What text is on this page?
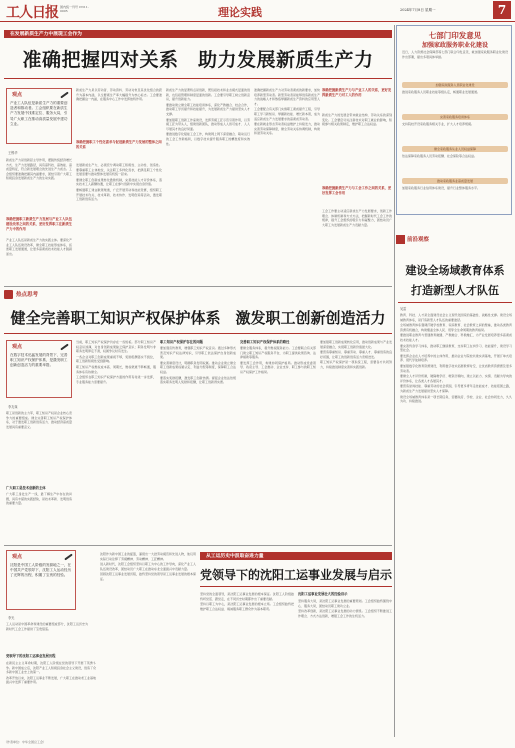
工人日报 国内统一刊号 CN11-0005	理论实践	2024年7月8日 星期一	7
在发展新质生产力中展现工会作为
准确把握四对关系　助力发展新质生产力
观点
产业工人队伍是新质生产力的重要创造者和推动者。工会组织要在新质生产力发展中找准定位、服务大局，引导广大职工在推动高质量发展中建功立业。
王锡华

新质生产力是创新起主导作用，摆脱传统经济增长方式、生产力发展路径，具有高科技、高效能、高质量特征，符合新发展理念的先进生产力质态。工会组织要准确把握其内涵要求，团结引领广大职工积极投身发展新质生产力的生动实践。

准确把握职工新质生产力发展与产业工人队伍建设改革之间的关系，更好发挥职工在新质生产力中的作用

产业工人队伍是新质生产力的实践主体。要深化产业工人队伍建设改革，健全职工技能形成体系，拓宽职工发展通道，让更多高素质技术技能人才脱颖而出。

新质生产力是以劳动者、劳动资料、劳动对象及其优化组合的跃升为基本内涵，以全要素生产率大幅提升为核心标志。工会要准确把握这一内涵，在服务中心工作中发挥独特作用。

准确把握职工个性化需求与促进新质生产力发展的整体之间的关系

发展新质生产力，必须充分调动职工积极性、主动性、创造性。要尊重职工主体地位，关注职工多样化需求，把满足职工个性化发展需要与推动整体发展有机统一起来。

要健全职工创新成果转化激励机制，完善技能人才评价体系，落实技术工人薪酬待遇，让职工在参与创新中实现自身价值。

要畅通职工建言献策渠道，广泛开展劳动和技能竞赛，组织职工开展技术攻关、技术革新、技术协作、发明创造等活动，激发职工创新创造活力。

新质生产力的显著特点是创新，既包括技术和业态模式层面的创新，也包括管理和制度层面的创新。工会要引导职工树立创新意识，提升创新能力。

要推动建立健全职工技能培训体系，深化产教融合、校企合作，推动职工学历提升和技能提升，为发展新质生产力提供坚实人才支撑。

要加强职工创新工作室建设，发挥劳模工匠示范引领作用，以劳模工匠为带头人，组建创新团队，推动形成人人皆可成才、人人尽展其才的良好局面。

要推进数字化赋能工会工作，构建网上网下深度融合、联动运行的工会工作新格局，以数字技术提升服务职工的精准度和实效性。

准确把握新质生产力对劳动者素质的新要求，加快培养新型劳动者。新型劳动者是能够创造新质生产力的战略人才和熟练掌握新质生产资料的应用型人才。

工会要配合有关部门实施职工素质提升工程，引导职工学习新知识、掌握新技能、增长新本领，成为适应新质生产力发展要求的高素质劳动者。

要在新就业形态劳动者权益维护上持续发力，推动完善劳动保障制度，健全劳动关系协调机制，构建和谐劳动关系。

准确把握新质生产力与产业工人的关系，更好发挥新质生产力对工人的作用

新质生产力的发展会带来就业结构、劳动关系的深刻变化。工会要密切关注新技术对职工就业的影响，积极参与相关政策制定，维护职工合法权益。

准确把握新质生产力与工会工作之间的关系，更好发挥工会作用

工会工作要主动适应新质生产力发展要求，创新工作理念、体制机制和方式方法，把握新时代工会工作的规律，提升工会组织的吸引力和凝聚力，团结动员广大职工为发展新质生产力贡献力量。

热点思考
健全完善职工知识产权保护体系　激发职工创新创造活力
观点
在数字技术迅猛发展的背景下，完善职工知识产权保护体系，是激发职工创新创造活力的重要举措。
李友谋

职工是创新的主力军，职工知识产权是企业核心竞争力的重要组成。健全完善职工知识产权保护体系，对于激发职工创新创造活力、推动经济高质量发展具有重要意义。

广大职工是技术创新的主体

广大职工身处生产一线，最了解生产中存在的问题，具有丰富的实践经验，是技术革新、发明创造的重要力量。

当前，职工知识产权保护仍存在一些短板。部分职工知识产权意识淡薄，对自身创新成果缺乏保护意识；职务发明与非职务发明界定不清，权属争议时有发生。

一些企业对职工创新成果重视不够，奖励报酬落实不到位，职工创新积极性受到影响。

职工知识产权维权成本高、周期长，维权渠道不够畅通，服务体系有待健全。

工会组织在职工知识产权保护方面的作用有待进一步发挥，专业服务能力需要提升。

职工知识产权保护存在的问题

要加强宣传教育，增强职工知识产权意识。通过多种形式普及知识产权法律知识，引导职工依法保护自身创新成果。

要完善制度设计，明确职务发明权属。推动企业建立健全职工创新成果权属认定、利益分配等制度，保障职工合法权益。

要落实奖励报酬，激发职工创新热情。督促企业依法依规落实职务发明人奖励和报酬，让职工创新得实惠。

完善职工知识产权保护体系的路径

要健全服务体系，提升维权服务能力。工会要联合有关部门建立职工知识产权服务平台，为职工提供政策咨询、法律援助等服务。

要发挥工会作用，构建协同保护格局。推动形成党委领导、政府主导、工会推动、企业支持、职工参与的职工知识产权保护工作格局。

要加强职工创新成果转化应用，推动创新成果与产业发展深度融合，实现职工创新价值最大化。

要营造尊重知识、尊重劳动、尊重人才、尊重创造的良好氛围，让职工的创新创造活力竞相迸发。

职工知识产权保护是一项系统工程，需要各方共同努力，持续推进制度完善和实践创新。

观点
沈阳是中国工人阶级的发源地之一，在中国共产党领导下，沈阳工人运动经历了光辉的历程，积累了宝贵的经验。
李光

工人运动是中国革命和建设的重要组成部分，沈阳工运历史为新时代工会工作提供了宝贵借鉴。

党领导下的沈阳工运事业发展历程

在新民主主义革命时期，沈阳工人阶级在党的领导下开展了英勇斗争。新中国成立后，沈阳产业工人积极投身社会主义建设，创造了众多新中国工业史上的第一。

改革开放以来，沈阳工运事业不断发展，广大职工在推动老工业基地振兴中发挥了重要作用。

沈阳作为新中国工业的摇篮，涌现出一大批劳动模范和先进人物，他们用实际行动诠释了劳模精神、劳动精神、工匠精神。

进入新时代，沈阳工会组织坚持以职工为中心的工作导向，深化产业工人队伍建设改革，团结动员广大职工在推动东北全面振兴中贡献力量。

回顾沈阳工运事业发展历程，始终坚持党的领导是工运事业发展的根本保证。

从工运历史中汲取奋进力量
党领导下的沈阳工运事业发展与启示

坚持党的全面领导，是沈阳工运事业发展的根本保证。沈阳工人阶级始终听党话、跟党走，在不同历史时期都作出了重要贡献。

坚持以职工为中心，是沈阳工运事业发展的根本立场。工会组织始终把维护职工合法权益、竭诚服务职工群众作为基本职责。

沈阳工运事业发展壮大的经验启示

坚持服务大局，是沈阳工运事业发展的重要原则。工会组织始终围绕中心、服务大局，团结动员职工建功立业。

坚持改革创新，是沈阳工运事业发展的动力源泉。工会组织不断推进工作理念、方式方法创新，增强工会工作的生机活力。

七部门印发意见
加强家政服务职业化建设

近日，人力资源社会保障部等七部门联合印发意见，就加强家政服务职业化建设作出部署，提出多项具体举措。

加强家政服务人员职业化建设

推进家政服务人员职业技能等级认定，畅通职业发展通道。

完善家政服务培训体系

支持院校开设家政服务相关专业，扩大人才培养规模。

健全家政服务从业人员权益保障

依法保障家政服务人员劳动报酬、社会保险等合法权益。

推动家政服务业高质量发展

加强家政服务行业信用体系建设，提升行业整体服务水平。

前沿观察
建设全场域教育体系
打造新型人才队伍
吴雷

教育、科技、人才是全面建设社会主义现代化国家的基础性、战略性支撑。建设全场域教育体系，是打造新型人才队伍的重要途径。

全场域教育体系强调打破学校教育、家庭教育、社会教育之间的壁垒，推动各类教育资源有机融合，构建覆盖全体人民、贯穿全生命周期的教育格局。

要推进职业教育与普通教育融通、产教融合、科教融汇，为产业发展培养更多高素质技术技能人才。

要完善终身学习体系，推动职工继续教育，支持职工在岗学习、技能提升，建设学习型社会。

要发挥企业在人才培养中的主体作用，推动企业与院校共建实训基地，开展订单式培养、现代学徒制培养。

要加强数字化教育资源建设，利用数字技术拓展教育时空，让优质教育资源惠及更多劳动者。

要健全人才评价机制，破除唯学历、唯资历倾向，建立以能力、实绩、贡献为导向的评价体系，让各类人才各展其才。

要营造崇尚技能、尊重劳动的社会氛围，引导更多青年走技能成才、技能报国之路，为新质生产力发展提供坚实人才保障。

建设全场域教育体系是一项长期任务，需要政府、学校、企业、社会协同发力，久久为功、持续推进。

（作者单位：中华全国总工会）
